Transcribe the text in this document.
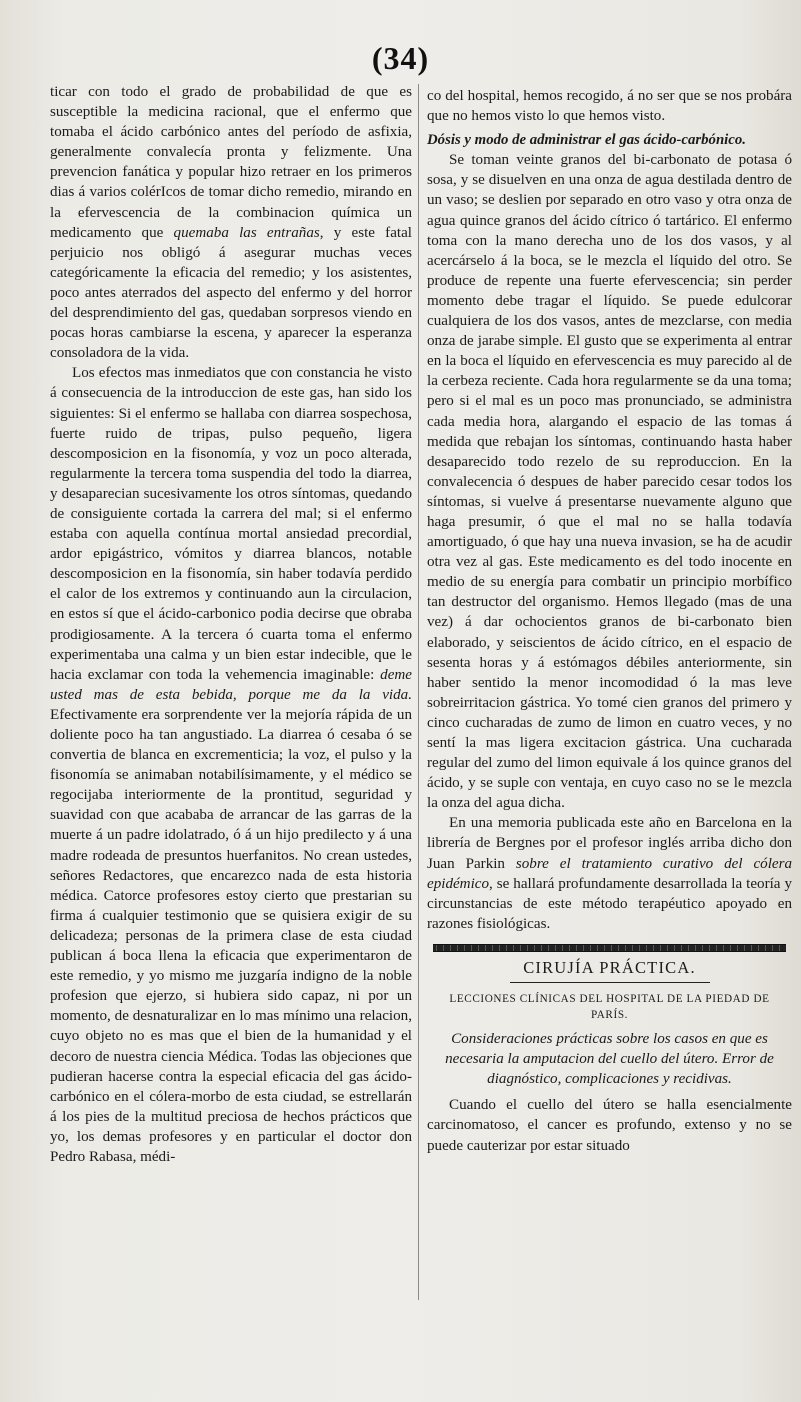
(34)

ticar con todo el grado de probabilidad de que es susceptible la medicina racional, que el enfermo que tomaba el ácido carbónico antes del período de asfixia, generalmente convalecía pronta y felizmente. Una prevencion fanática y popular hizo retraer en los primeros dias á varios colérIcos de tomar dicho remedio, mirando en la efervescencia de la combinacion química un medicamento que quemaba las entrañas, y este fatal perjuicio nos obligó á asegurar muchas veces categóricamente la eficacia del remedio; y los asistentes, poco antes aterrados del aspecto del enfermo y del horror del desprendimiento del gas, quedaban sorpresos viendo en pocas horas cambiarse la escena, y aparecer la esperanza consoladora de la vida.

Los efectos mas inmediatos que con constancia he visto á consecuencia de la introduccion de este gas, han sido los siguientes: Si el enfermo se hallaba con diarrea sospechosa, fuerte ruido de tripas, pulso pequeño, ligera descomposicion en la fisonomía, y voz un poco alterada, regularmente la tercera toma suspendia del todo la diarrea, y desaparecian sucesivamente los otros síntomas, quedando de consiguiente cortada la carrera del mal; si el enfermo estaba con aquella contínua mortal ansiedad precordial, ardor epigástrico, vómitos y diarrea blancos, notable descomposicion en la fisonomía, sin haber todavía perdido el calor de los extremos y continuando aun la circulacion, en estos sí que el ácido-carbonico podia decirse que obraba prodigiosamente. A la tercera ó cuarta toma el enfermo experimentaba una calma y un bien estar indecible, que le hacia exclamar con toda la vehemencia imaginable: deme usted mas de esta bebida, porque me da la vida. Efectivamente era sorprendente ver la mejoría rápida de un doliente poco ha tan angustiado. La diarrea ó cesaba ó se convertia de blanca en excrementicia; la voz, el pulso y la fisonomía se animaban notabilísimamente, y el médico se regocijaba interiormente de la prontitud, seguridad y suavidad con que acababa de arrancar de las garras de la muerte á un padre idolatrado, ó á un hijo predilecto y á una madre rodeada de presuntos huerfanitos. No crean ustedes, señores Redactores, que encarezco nada de esta historia médica. Catorce profesores estoy cierto que prestarian su firma á cualquier testimonio que se quisiera exigir de su delicadeza; personas de la primera clase de esta ciudad publican á boca llena la eficacia que experimentaron de este remedio, y yo mismo me juzgaría indigno de la noble profesion que ejerzo, si hubiera sido capaz, ni por un momento, de desnaturalizar en lo mas mínimo una relacion, cuyo objeto no es mas que el bien de la humanidad y el decoro de nuestra ciencia Médica. Todas las objeciones que pudieran hacerse contra la especial eficacia del gas ácido-carbónico en el cólera-morbo de esta ciudad, se estrellarán á los pies de la multitud preciosa de hechos prácticos que yo, los demas profesores y en particular el doctor don Pedro Rabasa, médi-

co del hospital, hemos recogido, á no ser que se nos probára que no hemos visto lo que hemos visto.

Dósis y modo de administrar el gas ácido-carbónico.

Se toman veinte granos del bi-carbonato de potasa ó sosa, y se disuelven en una onza de agua destilada dentro de un vaso; se deslien por separado en otro vaso y otra onza de agua quince granos del ácido cítrico ó tartárico. El enfermo toma con la mano derecha uno de los dos vasos, y al acercárselo á la boca, se le mezcla el líquido del otro. Se produce de repente una fuerte efervescencia; sin perder momento debe tragar el líquido. Se puede edulcorar cualquiera de los dos vasos, antes de mezclarse, con media onza de jarabe simple. El gusto que se experimenta al entrar en la boca el líquido en efervescencia es muy parecido al de la cerbeza reciente. Cada hora regularmente se da una toma; pero si el mal es un poco mas pronunciado, se administra cada media hora, alargando el espacio de las tomas á medida que rebajan los síntomas, continuando hasta haber desaparecido todo rezelo de su reproduccion. En la convalecencia ó despues de haber parecido cesar todos los síntomas, si vuelve á presentarse nuevamente alguno que haga presumir, ó que el mal no se halla todavía amortiguado, ó que hay una nueva invasion, se ha de acudir otra vez al gas. Este medicamento es del todo inocente en medio de su energía para combatir un principio morbífico tan destructor del organismo. Hemos llegado (mas de una vez) á dar ochocientos granos de bi-carbonato bien elaborado, y seiscientos de ácido cítrico, en el espacio de sesenta horas y á estómagos débiles anteriormente, sin haber sentido la menor incomodidad ó la mas leve sobreirritacion gástrica. Yo tomé cien granos del primero y cinco cucharadas de zumo de limon en cuatro veces, y no sentí la mas ligera excitacion gástrica. Una cucharada regular del zumo del limon equivale á los quince granos del ácido, y se suple con ventaja, en cuyo caso no se le mezcla la onza del agua dicha.

En una memoria publicada este año en Barcelona en la librería de Bergnes por el profesor inglés arriba dicho don Juan Parkin sobre el tratamiento curativo del cólera epidémico, se hallará profundamente desarrollada la teoría y circunstancias de este método terapéutico apoyado en razones fisiológicas.

CIRUJÍA PRÁCTICA.
LECCIONES CLÍNICAS DEL HOSPITAL DE LA PIEDAD DE PARÍS.
Consideraciones prácticas sobre los casos en que es necesaria la amputacion del cuello del útero. Error de diagnóstico, complicaciones y recidivas.

Cuando el cuello del útero se halla esencialmente carcinomatoso, el cancer es profundo, extenso y no se puede cauterizar por estar situado
